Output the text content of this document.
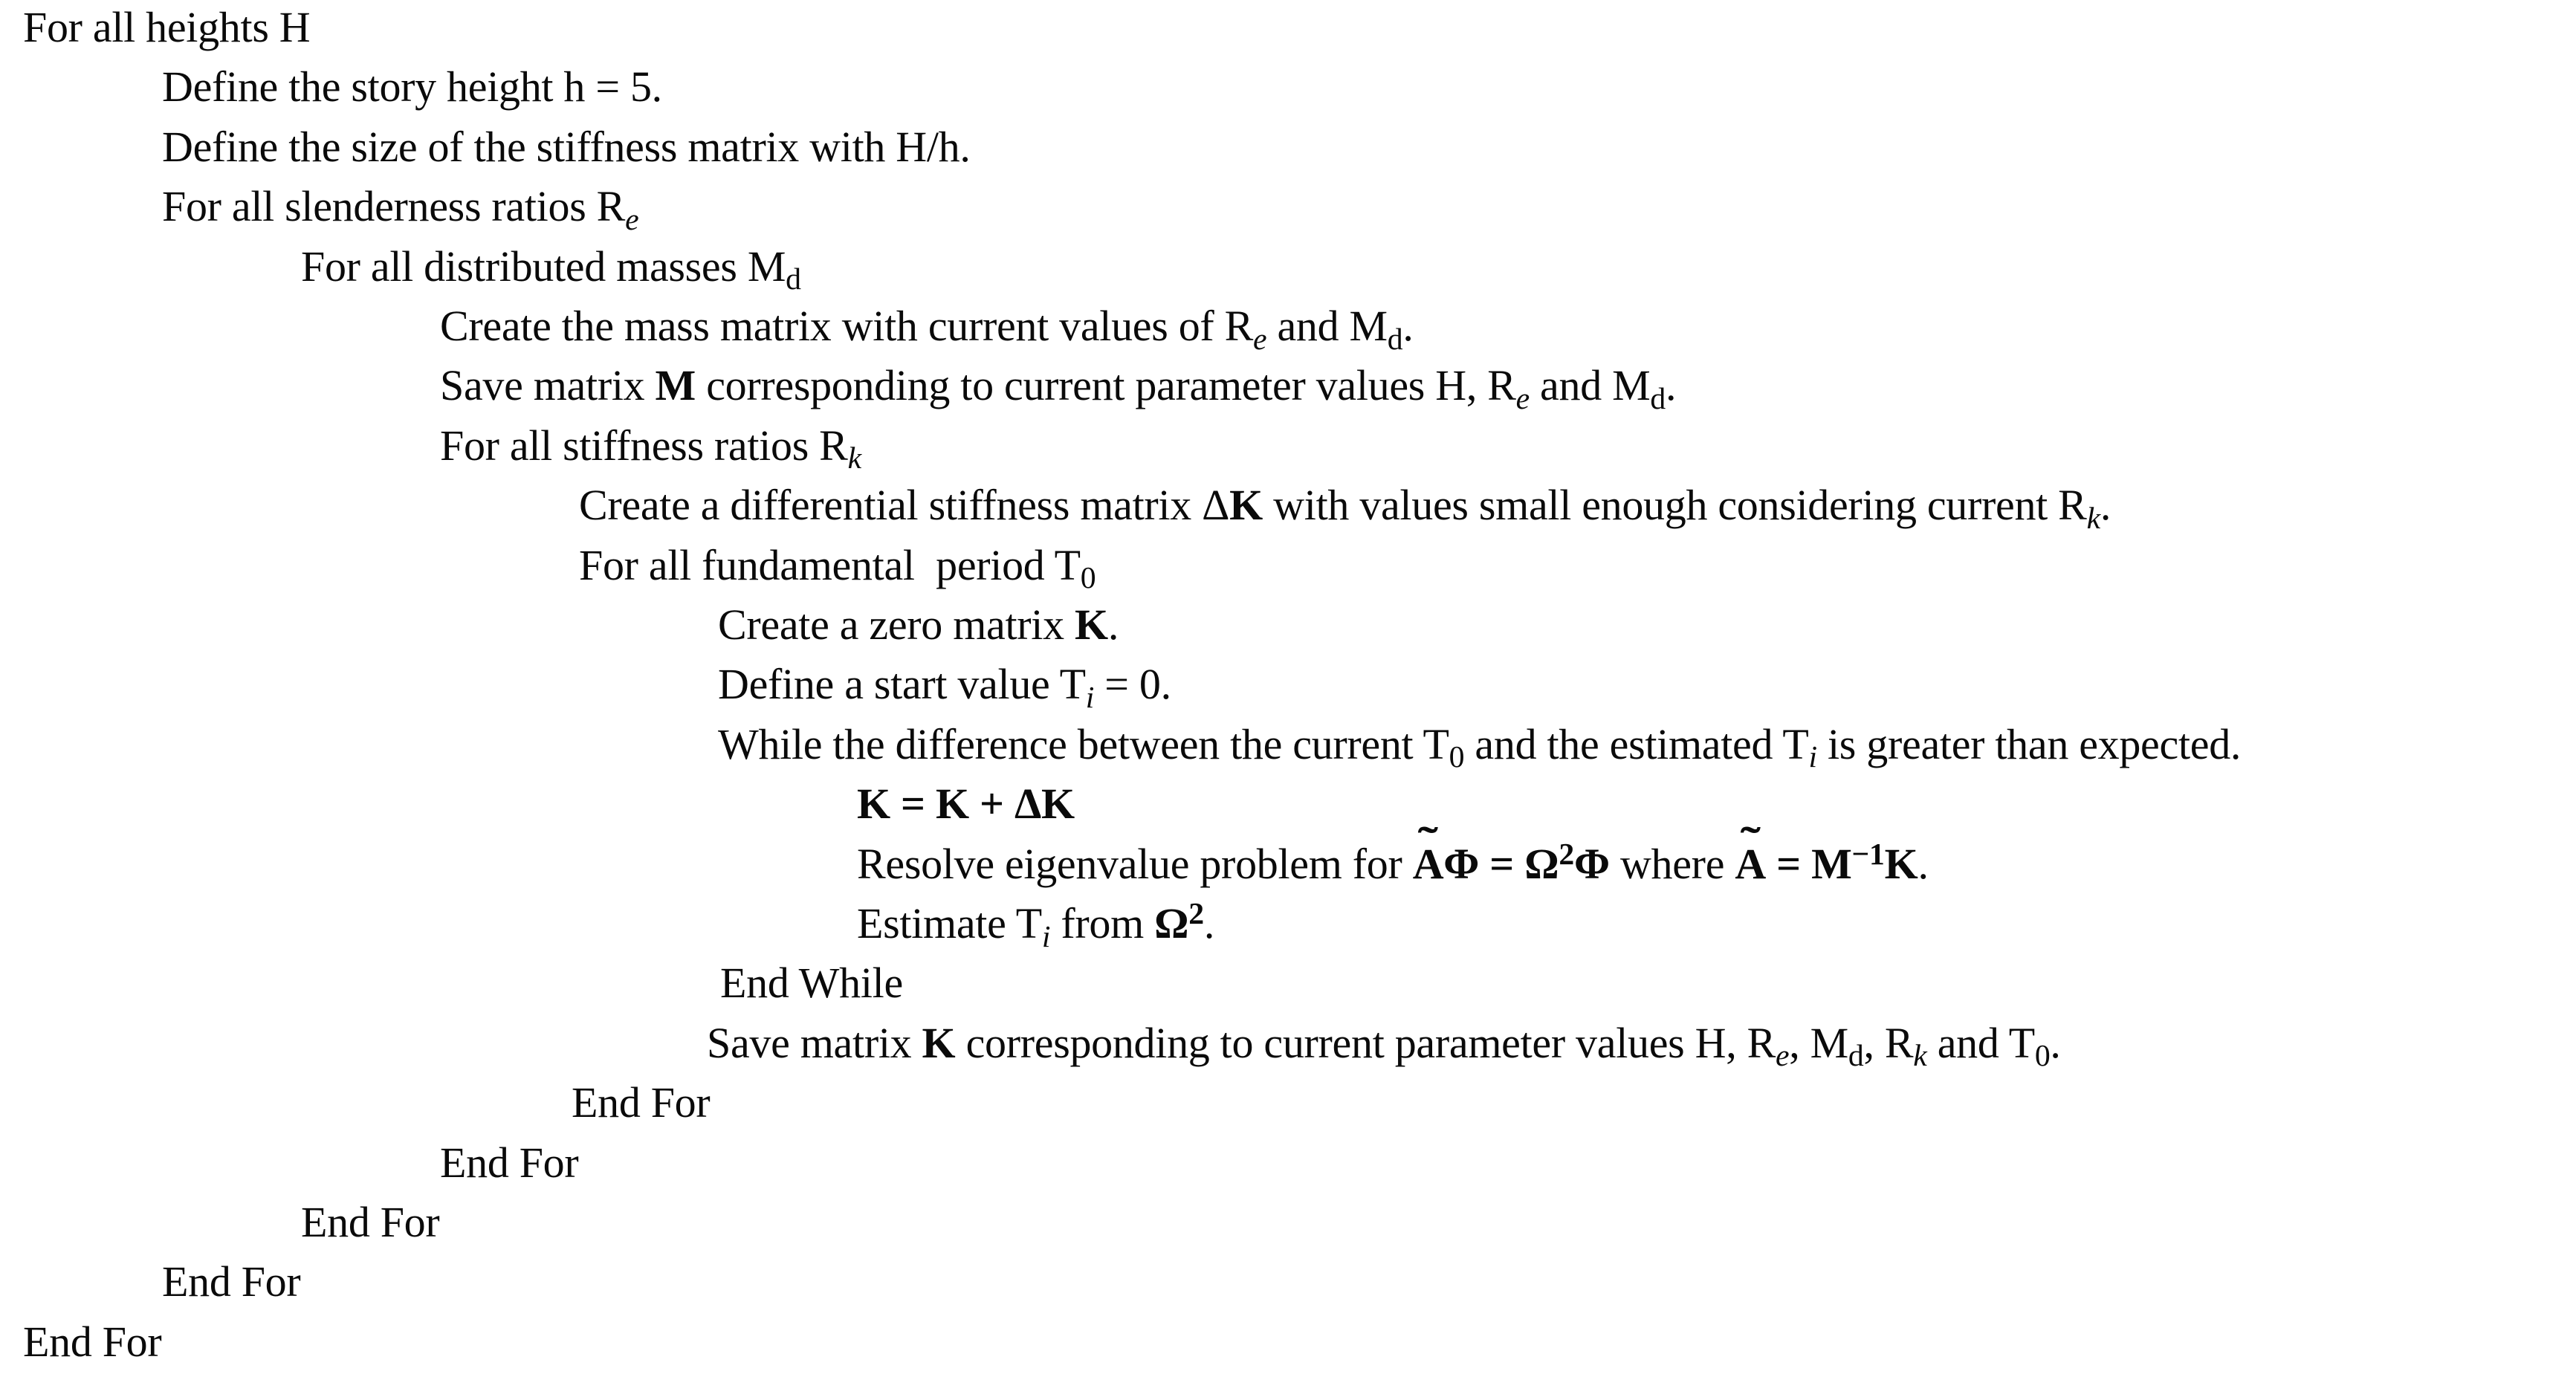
For all heights H
Define the story height h = 5.
Define the size of the stiffness matrix with H/h.
For all slenderness ratios $R_e$
For all distributed masses $M_d$
Create the mass matrix with current values of $R_e$ and $M_d$.
Save matrix M corresponding to current parameter values H, $R_e$ and $M_d$.
For all stiffness ratios $R_k$
Create a differential stiffness matrix ΔK with values small enough considering current $R_k$.
For all fundamental  period $T_0$
Create a zero matrix K.
Define a start value $T_i = 0$.
While the difference between the current $T_0$ and the estimated $T_i$ is greater than expected.
K = K + ΔK
Resolve eigenvalue problem for ˜ $A\Phi = \Omega^2\Phi$ where ˜ $A = M^{-1}K$.
Estimate $T_i$ from $\Omega^2$.
End While
Save matrix K corresponding to current parameter values H, $R_e$, $M_d$, $R_k$ and $T_0$.
End For
End For
End For
End For
End For
